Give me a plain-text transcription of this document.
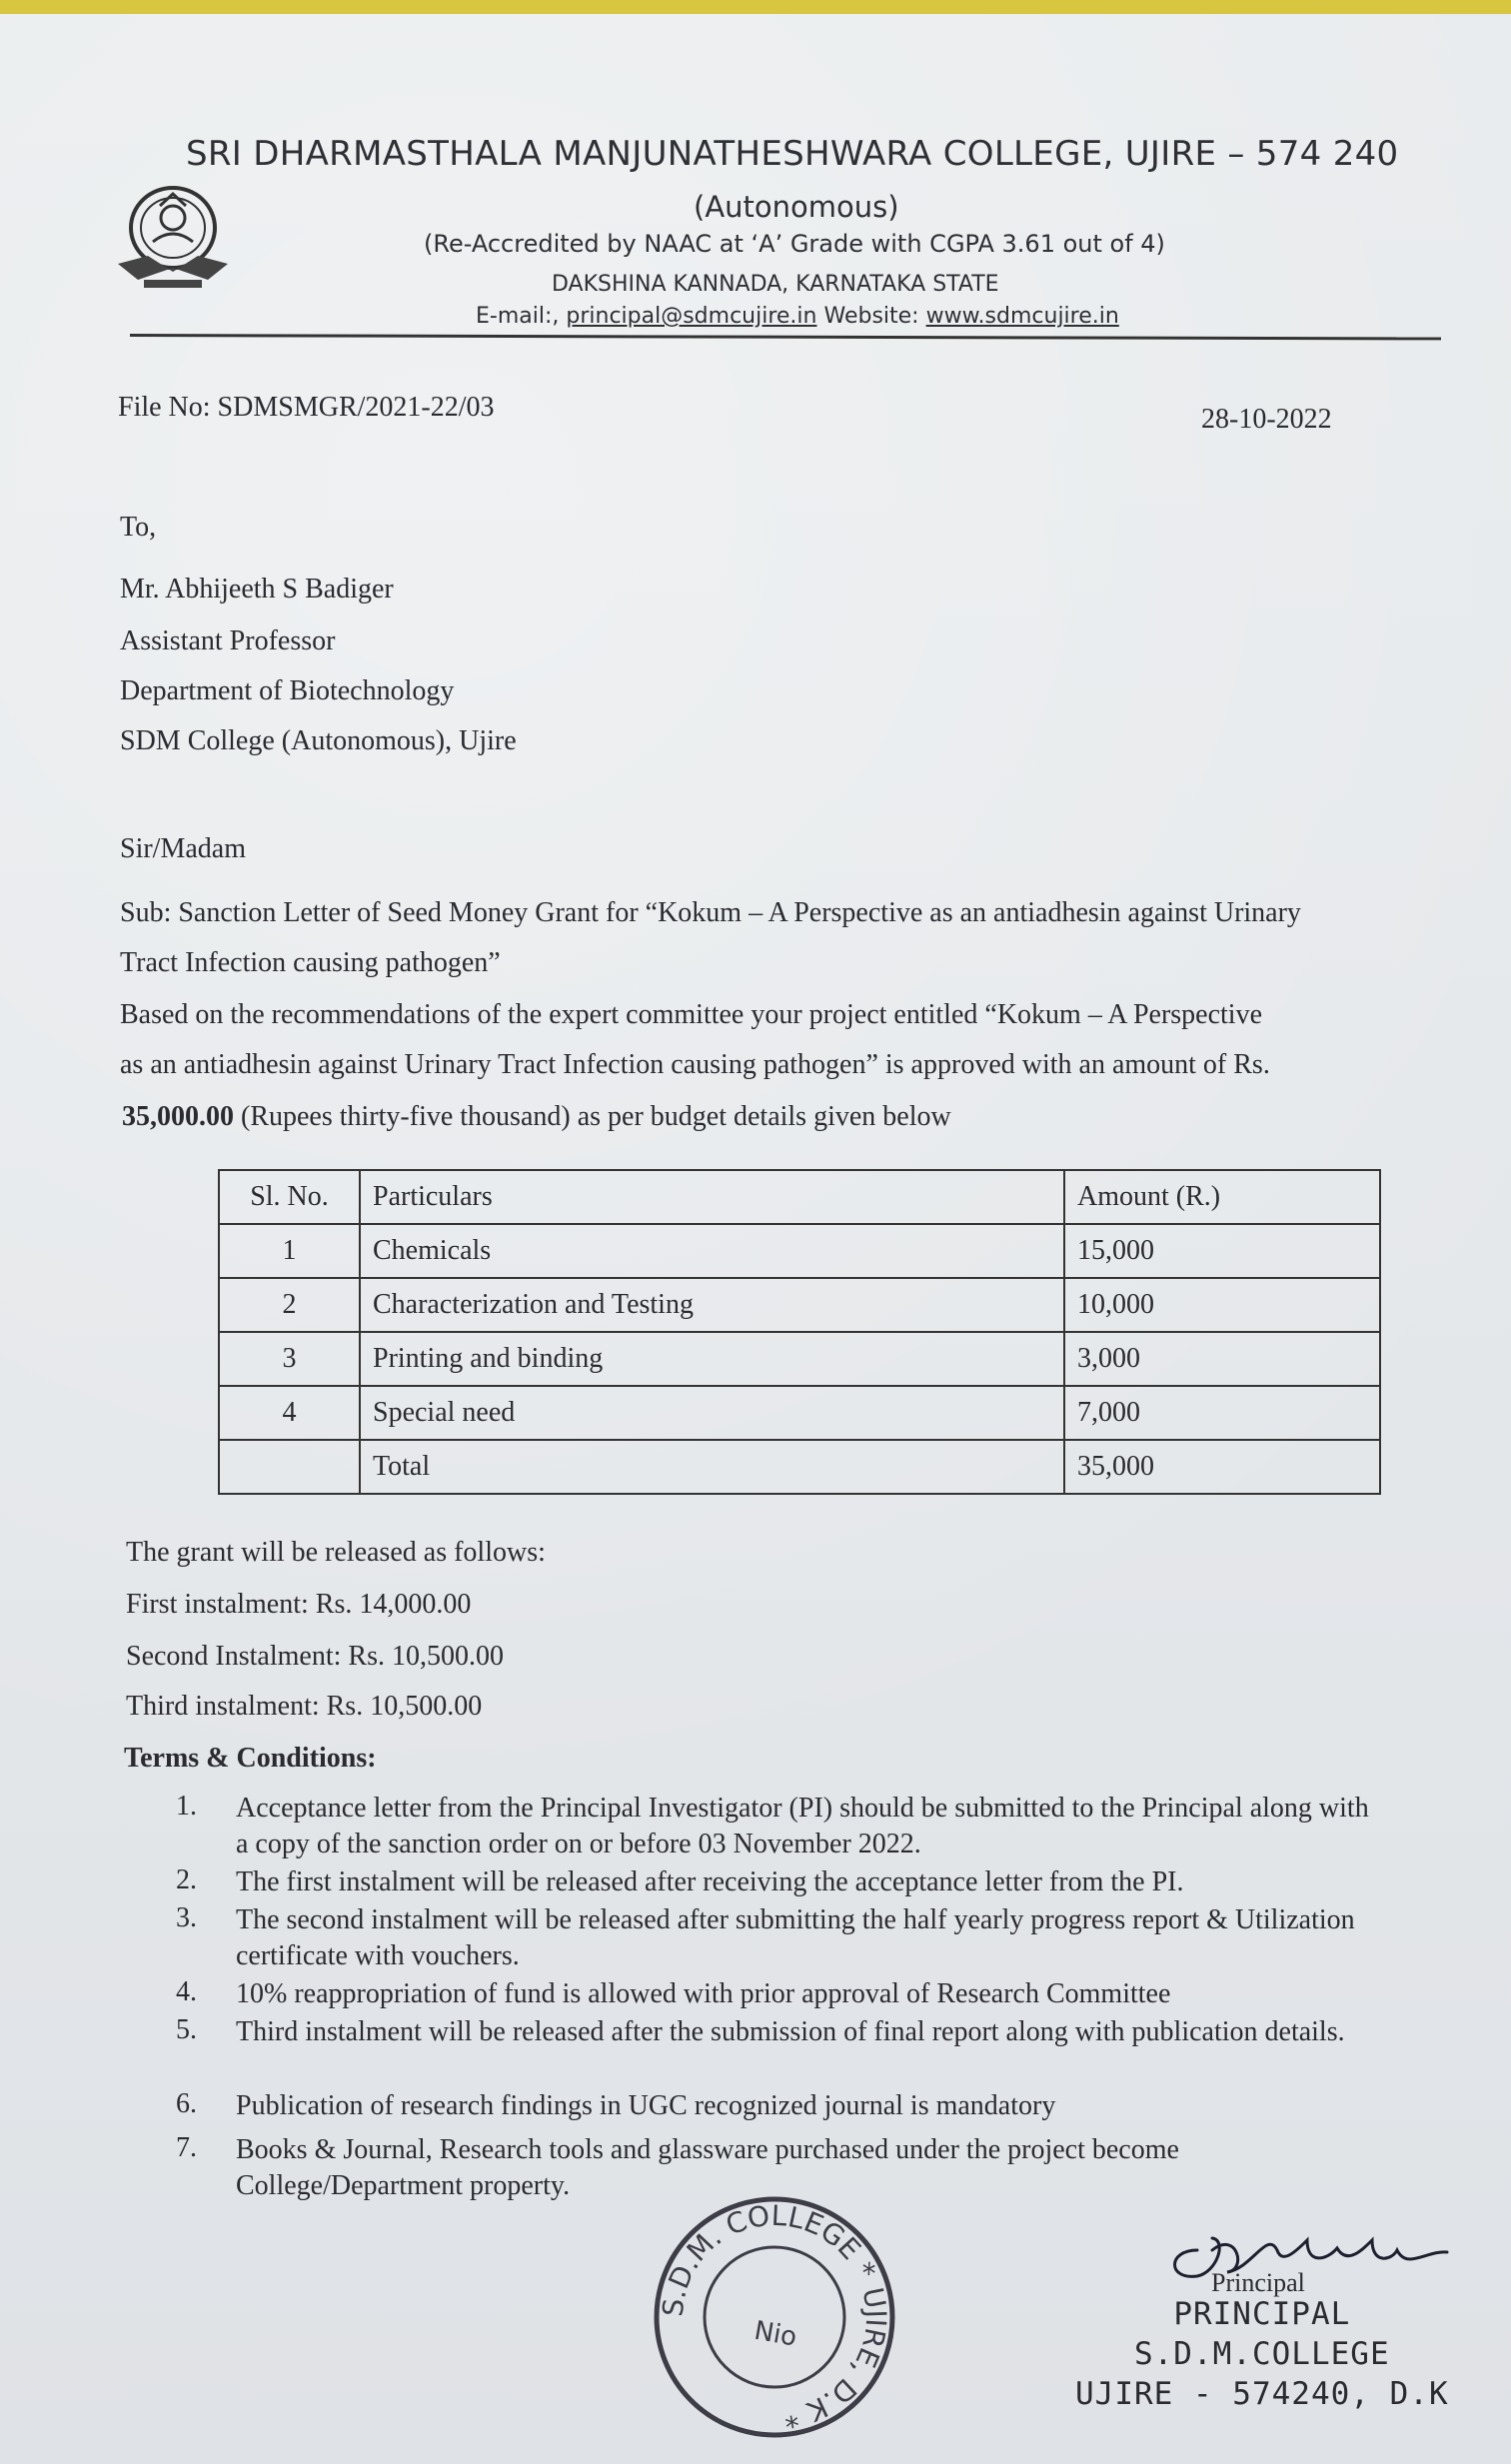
SRI DHARMASTHALA MANJUNATHESHWARA COLLEGE, UJIRE – 574 240
(Autonomous)
(Re-Accredited by NAAC at ‘A’ Grade with CGPA 3.61 out of 4)
DAKSHINA KANNADA, KARNATAKA STATE
E-mail:, principal@sdmcujire.in Website: www.sdmcujire.in
File No: SDMSMGR/2021-22/03	28-10-2022
To,
Mr. Abhijeeth S Badiger
Assistant Professor
Department of Biotechnology
SDM College (Autonomous), Ujire
Sir/Madam
Sub: Sanction Letter of Seed Money Grant for “Kokum – A Perspective as an antiadhesin against Urinary
Tract Infection causing pathogen”
Based on the recommendations of the expert committee your project entitled “Kokum – A Perspective
as an antiadhesin against Urinary Tract Infection causing pathogen” is approved with an amount of Rs.
35,000.00 (Rupees thirty-five thousand) as per budget details given below
Sl. No.	Particulars	Amount (R.)
1	Chemicals	15,000
2	Characterization and Testing	10,000
3	Printing and binding	3,000
4	Special need	7,000
	Total	35,000
The grant will be released as follows:
First instalment: Rs. 14,000.00
Second Instalment: Rs. 10,500.00
Third instalment: Rs. 10,500.00
Terms & Conditions:
1.	Acceptance letter from the Principal Investigator (PI) should be submitted to the Principal along with a copy of the sanction order on or before 03 November 2022.
2.	The first instalment will be released after receiving the acceptance letter from the PI.
3.	The second instalment will be released after submitting the half yearly progress report & Utilization certificate with vouchers.
4.	10% reappropriation of fund is allowed with prior approval of Research Committee
5.	Third instalment will be released after the submission of final report along with publication details.
6.	Publication of research findings in UGC recognized journal is mandatory
7.	Books & Journal, Research tools and glassware purchased under the project become College/Department property.
S.D.M. COLLEGE * UJIRE, D.K *
Nio
Principal
PRINCIPAL
S.D.M.COLLEGE
UJIRE - 574240, D.K
